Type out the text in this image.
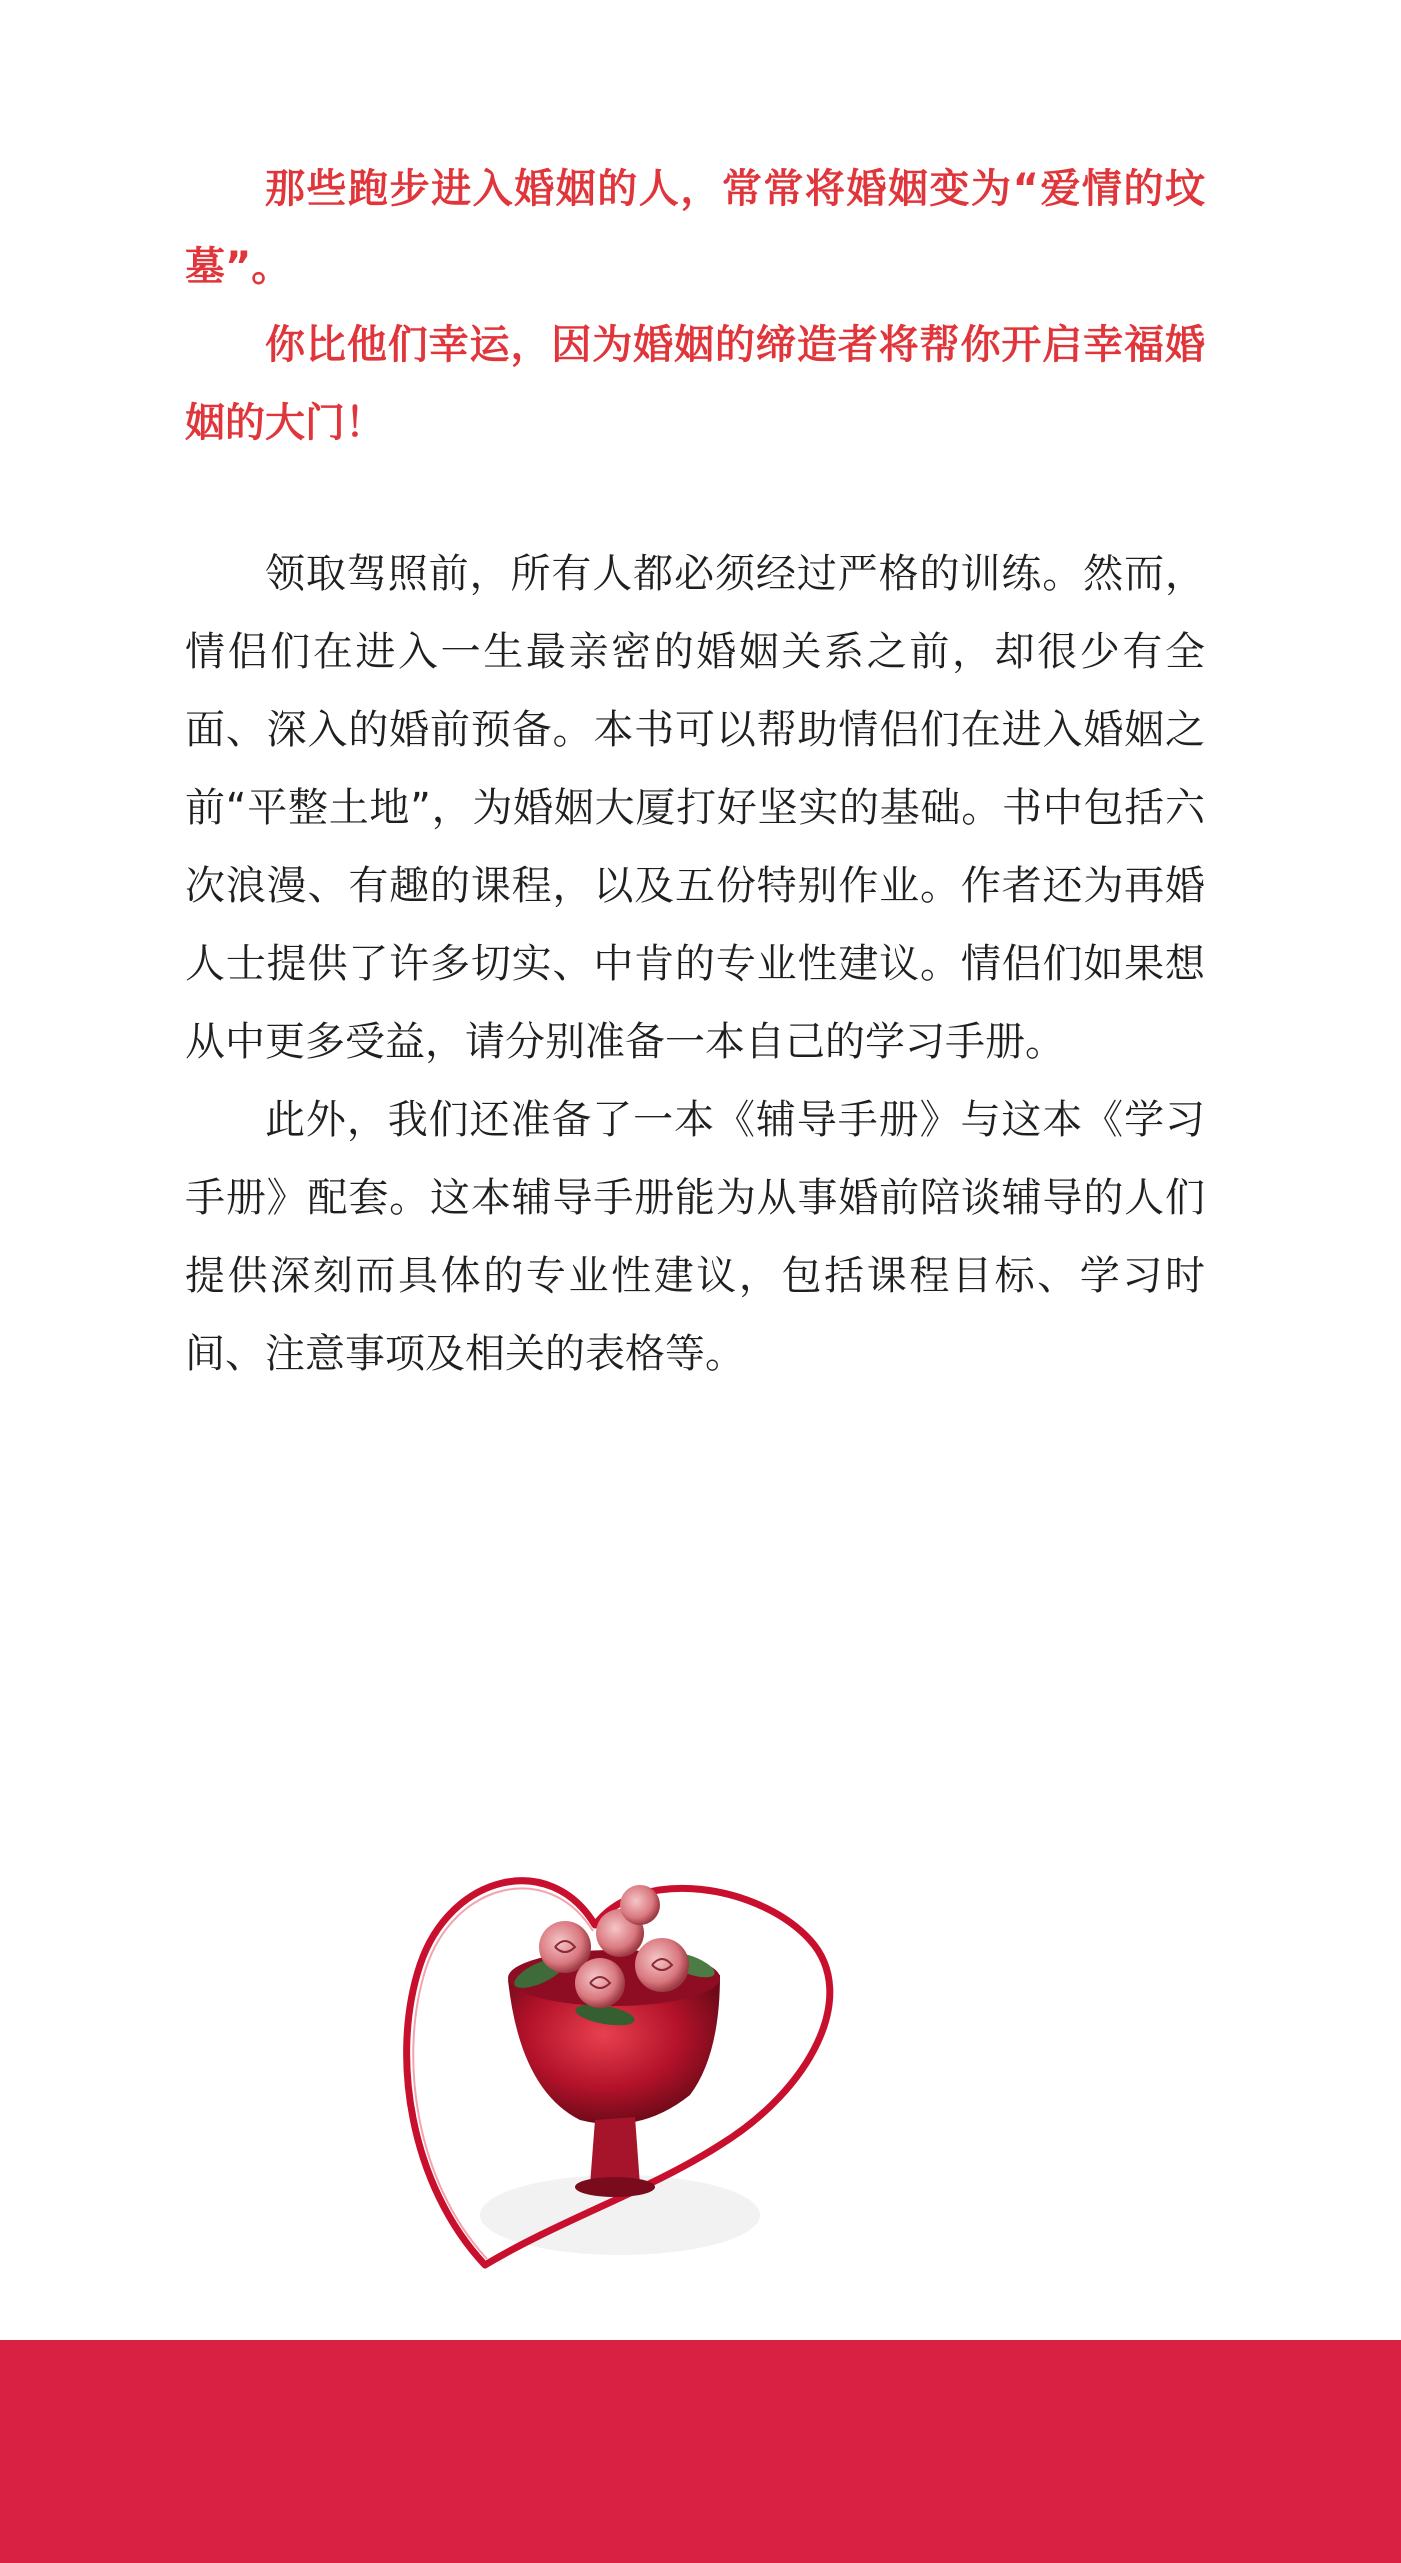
那些跑步进入婚姻的人，常常将婚姻变为“爱情的坟墓”。

你比他们幸运，因为婚姻的缔造者将帮你开启幸福婚姻的大门！

领取驾照前，所有人都必须经过严格的训练。然而，情侣们在进入一生最亲密的婚姻关系之前，却很少有全面、深入的婚前预备。本书可以帮助情侣们在进入婚姻之前“平整土地”，为婚姻大厦打好坚实的基础。书中包括六次浪漫、有趣的课程，以及五份特别作业。作者还为再婚人士提供了许多切实、中肯的专业性建议。情侣们如果想从中更多受益，请分别准备一本自己的学习手册。

此外，我们还准备了一本《辅导手册》与这本《学习手册》配套。这本辅导手册能为从事婚前陪谈辅导的人们提供深刻而具体的专业性建议，包括课程目标、学习时间、注意事项及相关的表格等。
